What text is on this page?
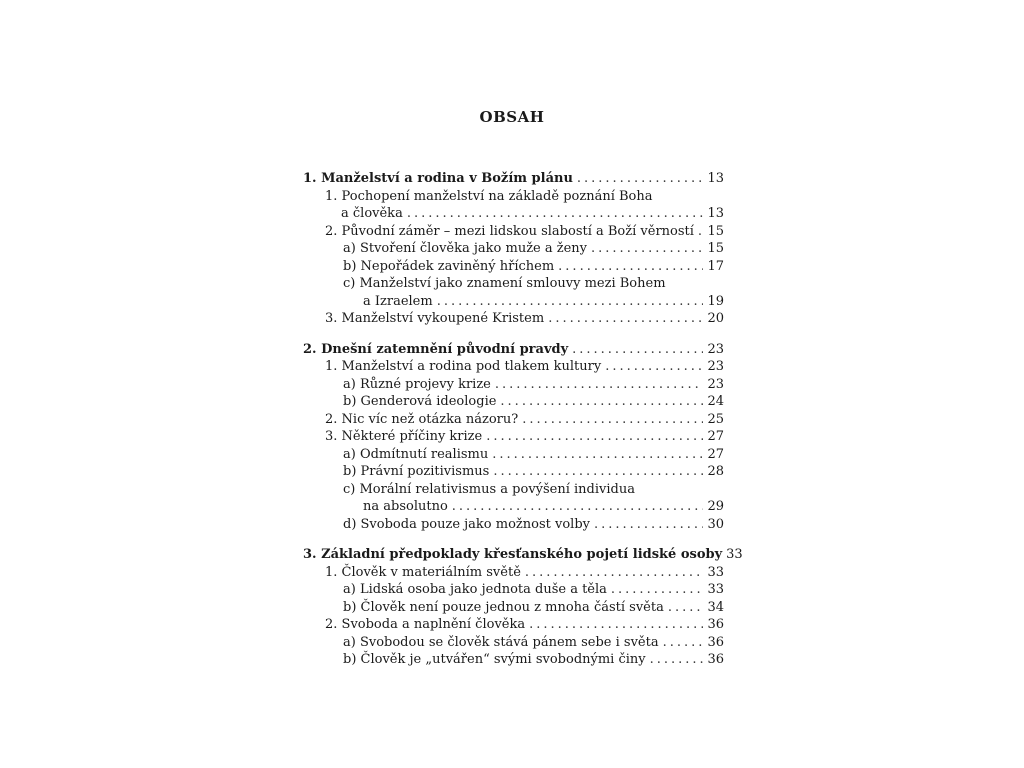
OBSAH
1. Manželství a rodina v Božím plánu .....	13
1. Pochopení manželství na základě poznání Boha
a člověka .....	13
2. Původní záměr – mezi lidskou slabostí a Boží věrností ..... 15
a) Stvoření člověka jako muže a ženy .....	15
b) Nepořádek zaviněný hříchem .....	17
c) Manželství jako znamení smlouvy mezi Bohem
a Izraelem .....	19
3. Manželství vykoupené Kristem .....	20
2. Dnešní zatemnění původní pravdy .....	23
1. Manželství a rodina pod tlakem kultury .....	23
a) Různé projevy krize .....	23
b) Genderová ideologie .....	24
2. Nic víc než otázka názoru? .....	25
3. Některé příčiny krize .....	27
a) Odmítnutí realismu .....	27
b) Právní pozitivismus .....	28
c) Morální relativismus a povýšení individua
na absolutno .....	29
d) Svoboda pouze jako možnost volby .....	30
3. Základní předpoklady křesťanského pojetí lidské osoby 33
1. Člověk v materiálním světě .....	33
a) Lidská osoba jako jednota duše a těla .....	33
b) Člověk není pouze jednou z mnoha částí světa .....	34
2. Svoboda a naplnění člověka .....	36
a) Svobodou se člověk stává pánem sebe i světa .....	36
b) Člověk je „utvářen“ svými svobodnými činy .....	36
